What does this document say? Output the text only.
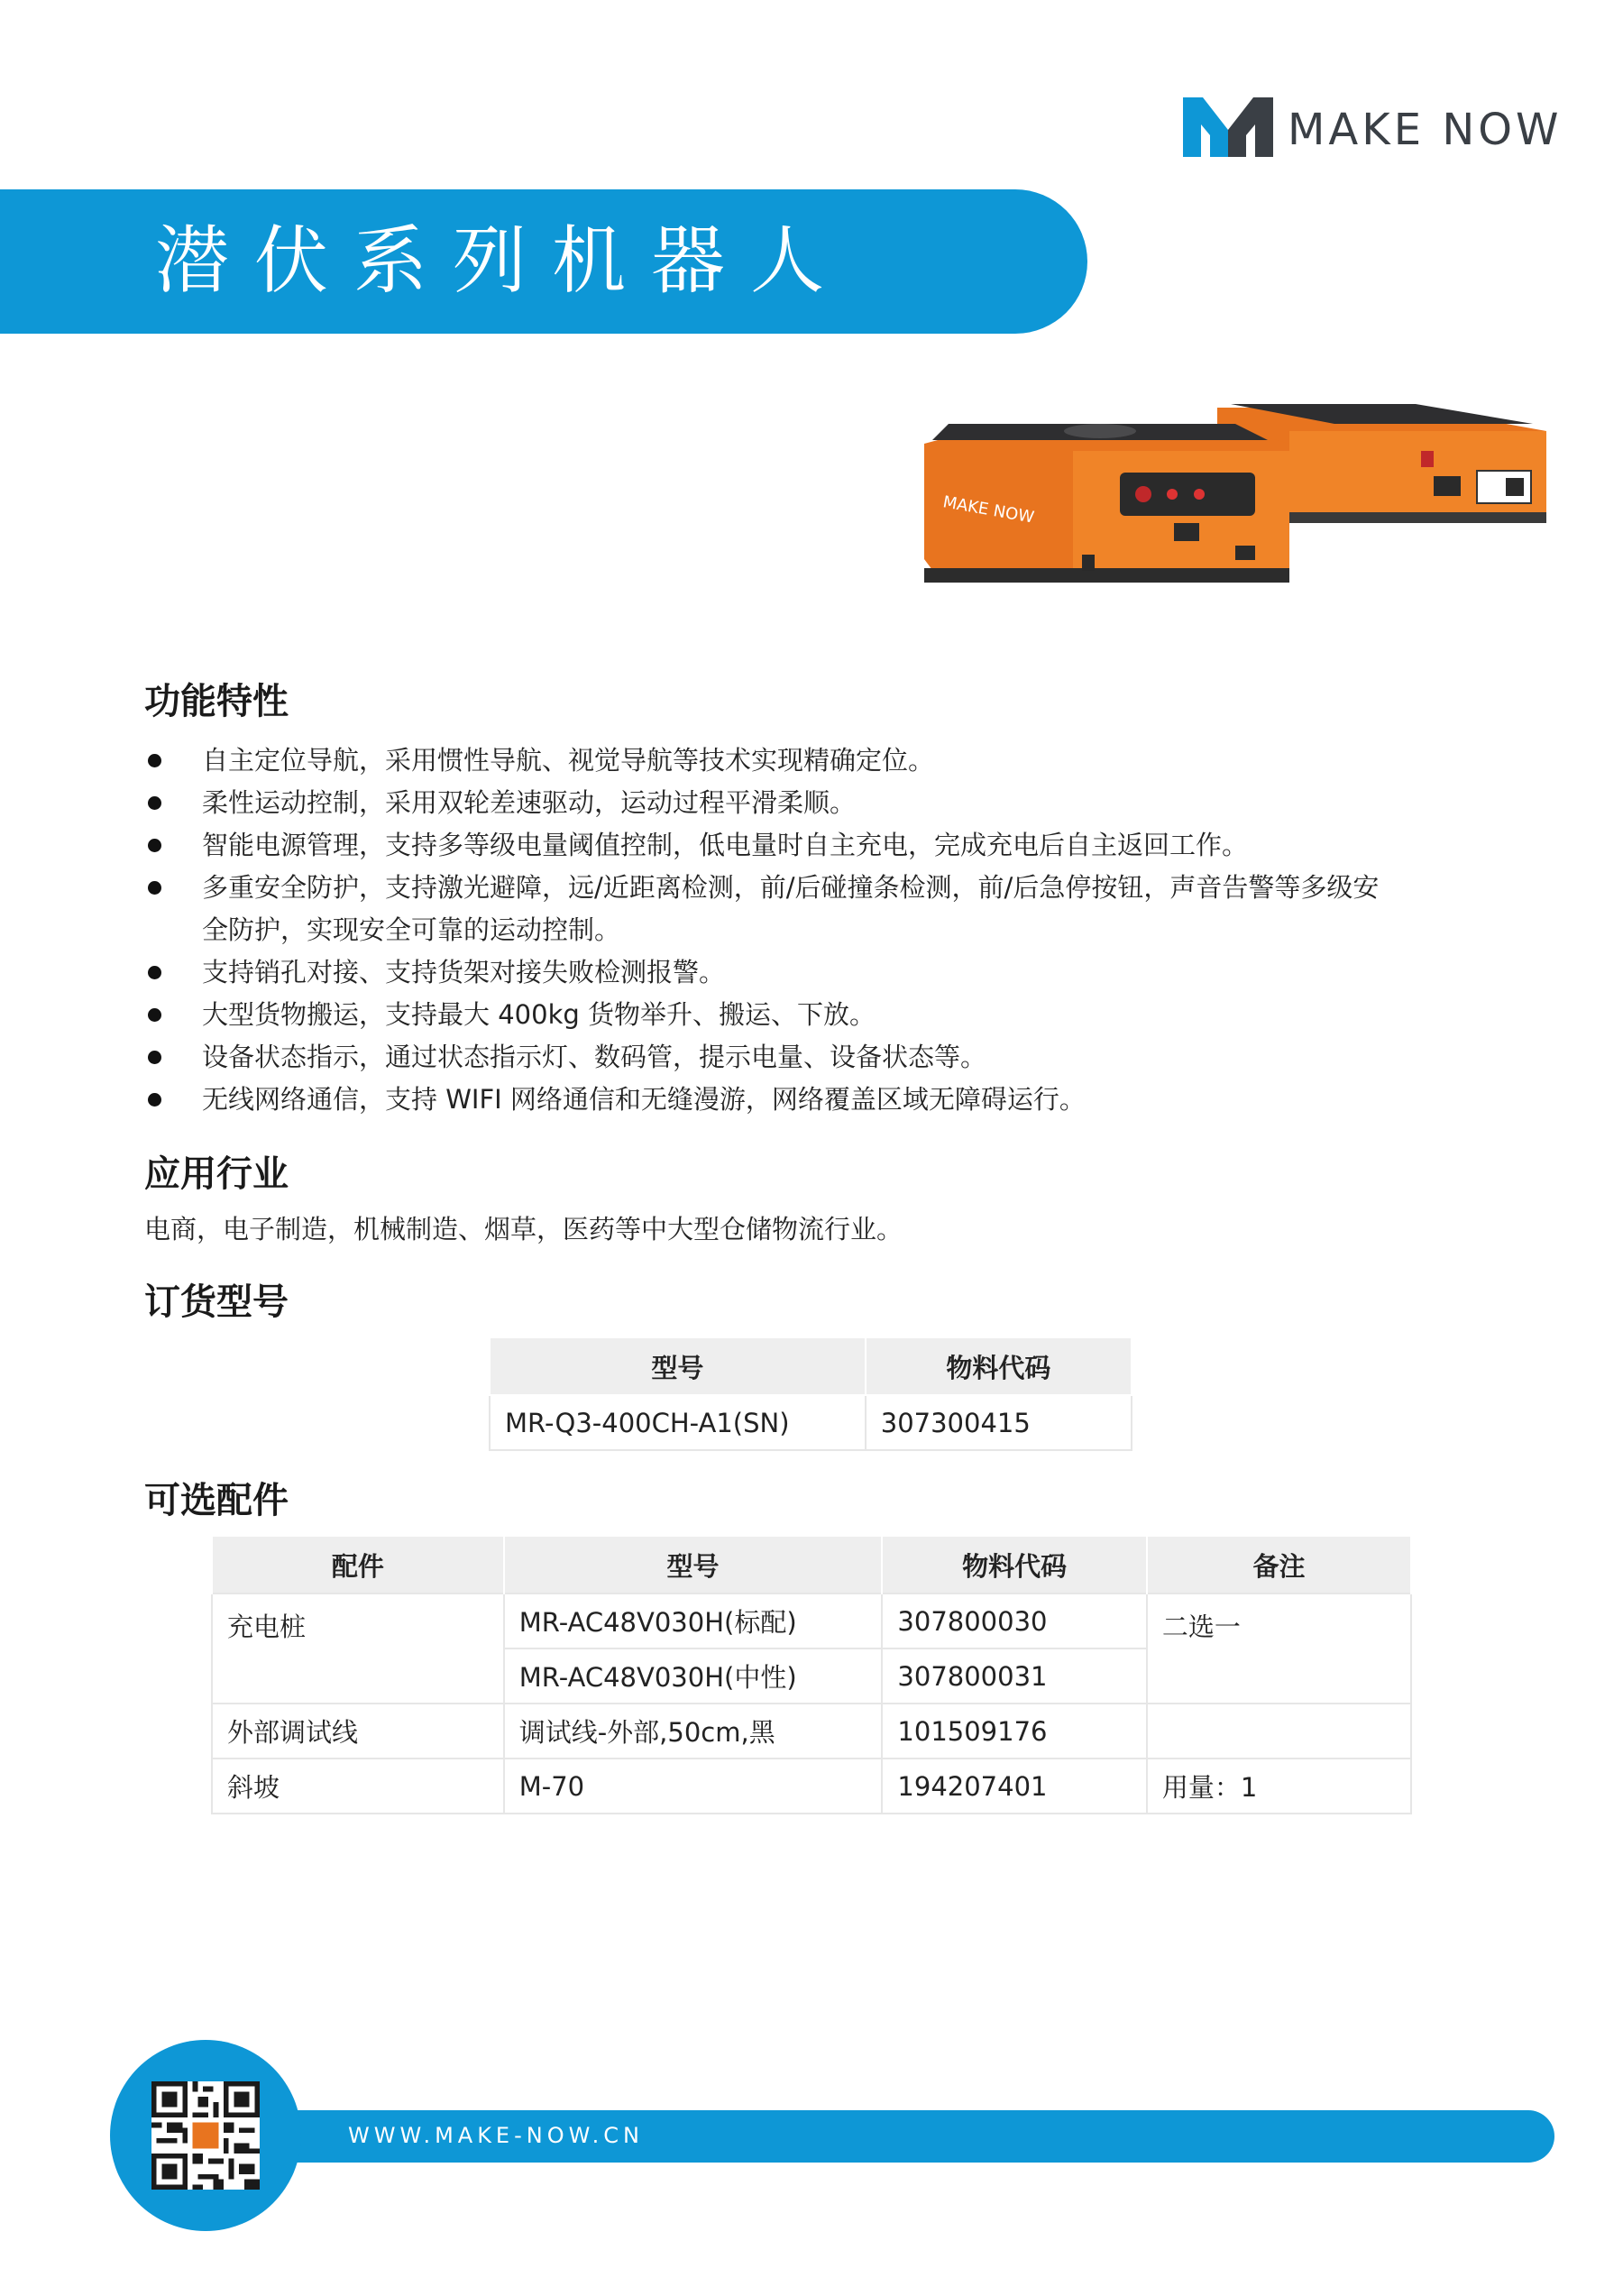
MAKE NOW
潜伏系列机器人
MAKE NOW
功能特性
自主定位导航，采用惯性导航、视觉导航等技术实现精确定位。
柔性运动控制，采用双轮差速驱动，运动过程平滑柔顺。
智能电源管理，支持多等级电量阈值控制，低电量时自主充电，完成充电后自主返回工作。
多重安全防护，支持激光避障，远/近距离检测，前/后碰撞条检测，前/后急停按钮，声音告警等多级安全防护，实现安全可靠的运动控制。
支持销孔对接、支持货架对接失败检测报警。
大型货物搬运，支持最大 400kg 货物举升、搬运、下放。
设备状态指示，通过状态指示灯、数码管，提示电量、设备状态等。
无线网络通信，支持 WIFI 网络通信和无缝漫游，网络覆盖区域无障碍运行。
应用行业
电商，电子制造，机械制造、烟草，医药等中大型仓储物流行业。
订货型号
型号	物料代码
MR-Q3-400CH-A1(SN)	307300415
可选配件
配件	型号	物料代码	备注
充电桩	MR-AC48V030H(标配)	307800030	二选一
	MR-AC48V030H(中性)	307800031	
外部调试线	调试线-外部,50cm,黑	101509176	
斜坡	M-70	194207401	用量：1
WWW.MAKE-NOW.CN
